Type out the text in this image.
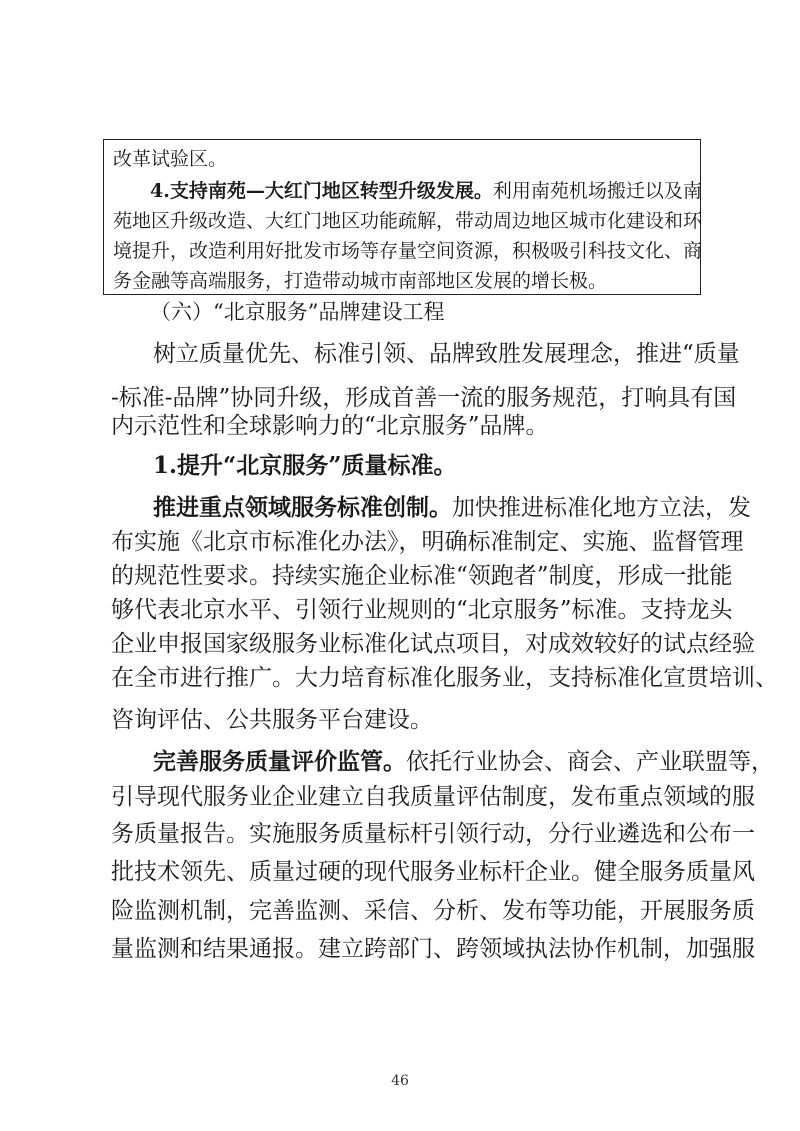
改革试验区。
4.支持南苑—大红门地区转型升级发展。利用南苑机场搬迁以及南
苑地区升级改造、大红门地区功能疏解，带动周边地区城市化建设和环
境提升，改造利用好批发市场等存量空间资源，积极吸引科技文化、商
务金融等高端服务，打造带动城市南部地区发展的增长极。
（六）“北京服务”品牌建设工程
树立质量优先、标准引领、品牌致胜发展理念，推进“质量
-标准-品牌”协同升级，形成首善一流的服务规范，打响具有国
内示范性和全球影响力的“北京服务”品牌。
1.提升“北京服务”质量标准。
推进重点领域服务标准创制。加快推进标准化地方立法，发
布实施《北京市标准化办法》，明确标准制定、实施、监督管理
的规范性要求。持续实施企业标准“领跑者”制度，形成一批能
够代表北京水平、引领行业规则的“北京服务”标准。支持龙头
企业申报国家级服务业标准化试点项目，对成效较好的试点经验
在全市进行推广。大力培育标准化服务业，支持标准化宣贯培训、
咨询评估、公共服务平台建设。
完善服务质量评价监管。依托行业协会、商会、产业联盟等，
引导现代服务业企业建立自我质量评估制度，发布重点领域的服
务质量报告。实施服务质量标杆引领行动，分行业遴选和公布一
批技术领先、质量过硬的现代服务业标杆企业。健全服务质量风
险监测机制，完善监测、采信、分析、发布等功能，开展服务质
量监测和结果通报。建立跨部门、跨领域执法协作机制，加强服
46
